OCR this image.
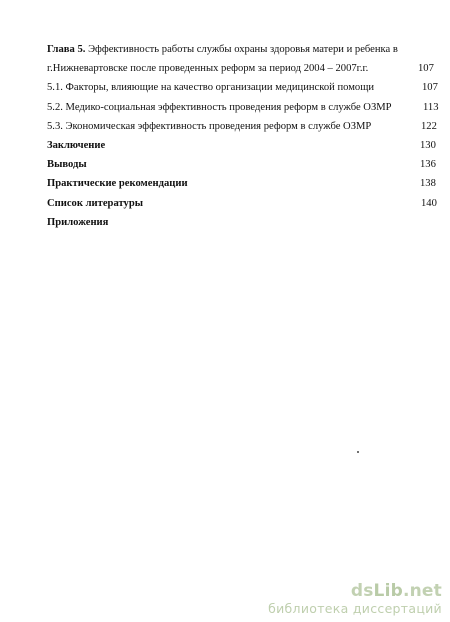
Глава 5. Эффективность работы службы охраны здоровья матери и ребенка в
г.Нижневартовске после проведенных реформ за период 2004 – 2007г.г.	107
5.1. Факторы, влияющие на качество организации медицинской помощи	107
5.2. Медико-социальная эффективность проведения реформ в службе ОЗМР	113
5.3. Экономическая эффективность проведения реформ в службе ОЗМР	122
Заключение	130
Выводы	136
Практические рекомендации	138
Список литературы	140
Приложения
dsLib.net
библиотека диссертаций
